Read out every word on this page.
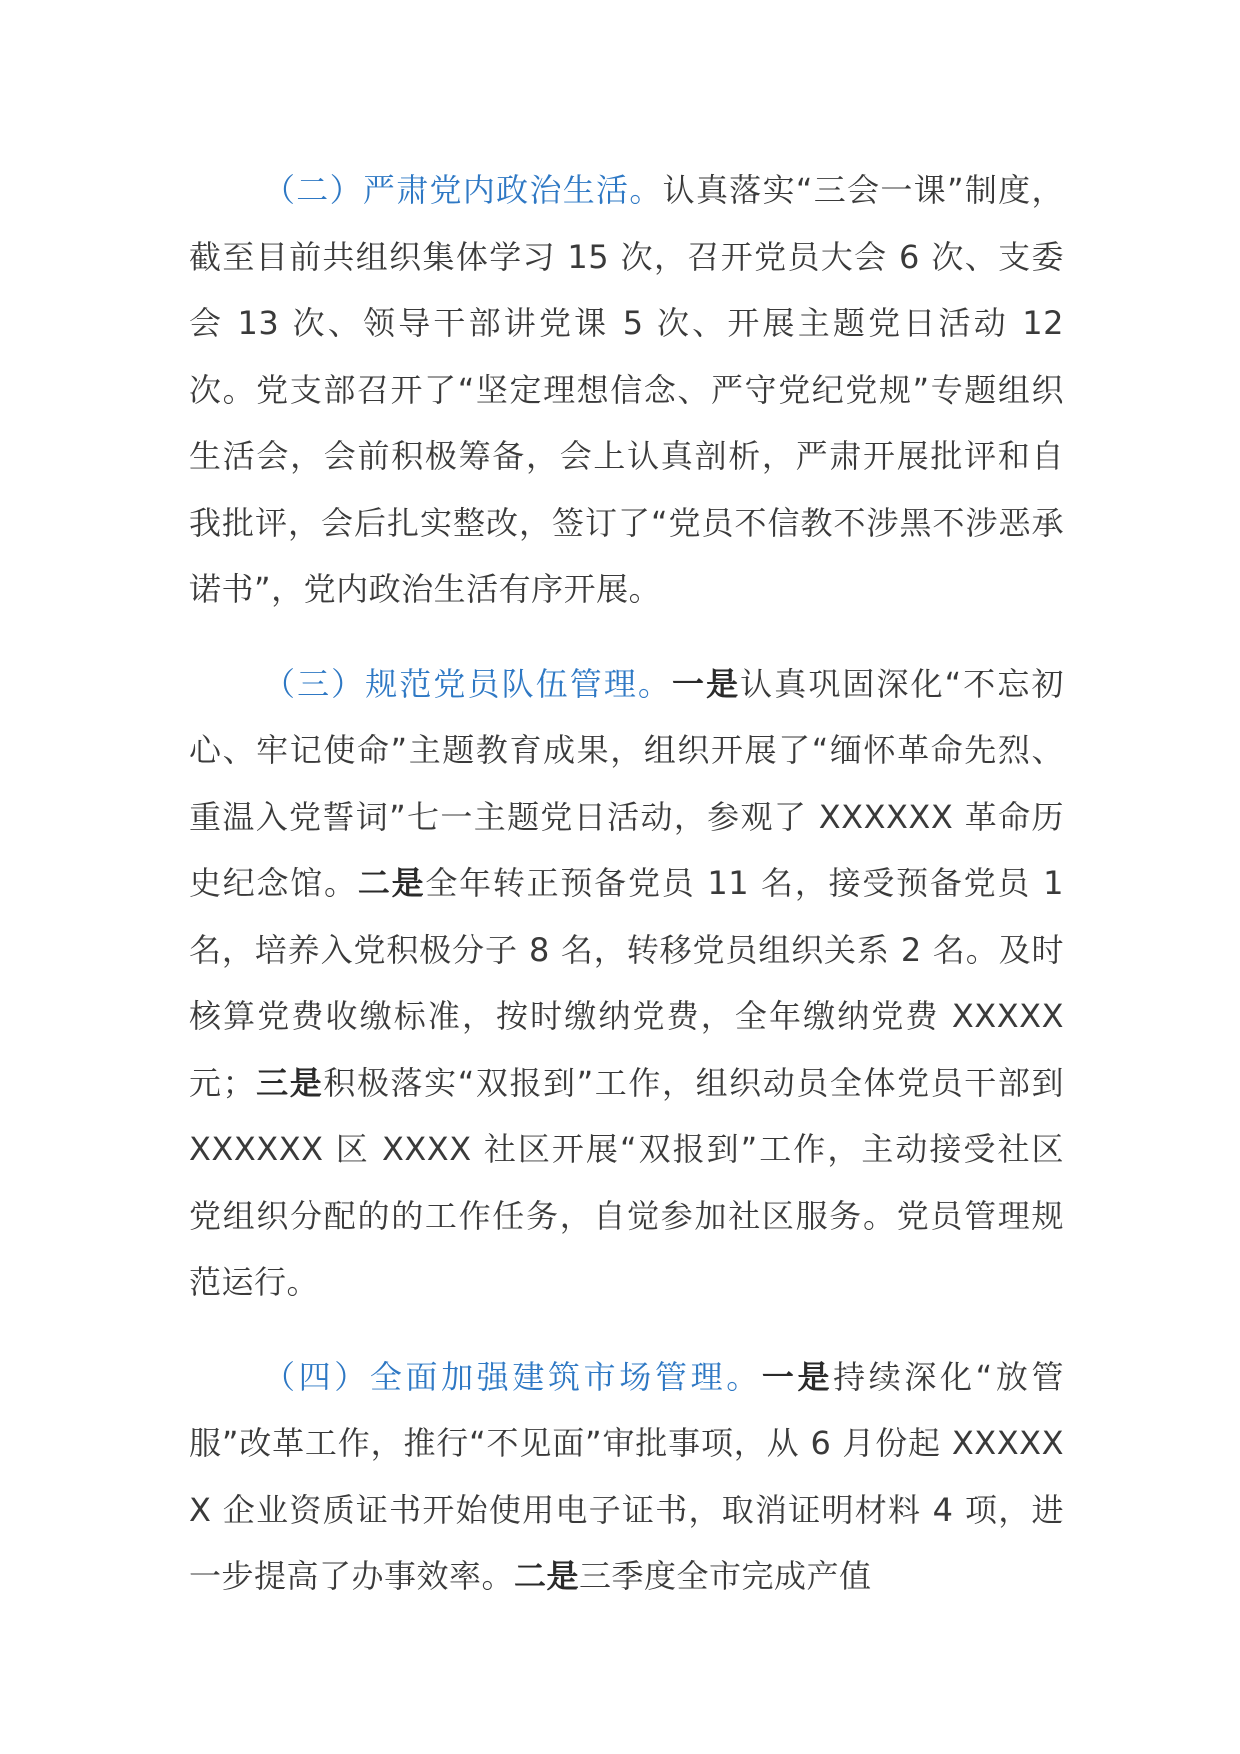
（二）严肃党内政治生活。认真落实“三会一课”制度，截至目前共组织集体学习 15 次，召开党员大会 6 次、支委会 13 次、领导干部讲党课 5 次、开展主题党日活动 12 次。党支部召开了“坚定理想信念、严守党纪党规”专题组织生活会，会前积极筹备，会上认真剖析，严肃开展批评和自我批评，会后扎实整改，签订了“党员不信教不涉黑不涉恶承诺书”，党内政治生活有序开展。

（三）规范党员队伍管理。一是认真巩固深化“不忘初心、牢记使命”主题教育成果，组织开展了“缅怀革命先烈、重温入党誓词”七一主题党日活动，参观了 XXXXXX 革命历史纪念馆。二是全年转正预备党员 11 名，接受预备党员 1 名，培养入党积极分子 8 名，转移党员组织关系 2 名。及时核算党费收缴标准，按时缴纳党费，全年缴纳党费 XXXXX 元；三是积极落实“双报到”工作，组织动员全体党员干部到 XXXXXX 区 XXXX 社区开展“双报到”工作，主动接受社区党组织分配的的工作任务，自觉参加社区服务。党员管理规范运行。

（四）全面加强建筑市场管理。一是持续深化“放管服”改革工作，推行“不见面”审批事项，从 6 月份起 XXXXXX 企业资质证书开始使用电子证书，取消证明材料 4 项，进一步提高了办事效率。二是三季度全市完成产值
